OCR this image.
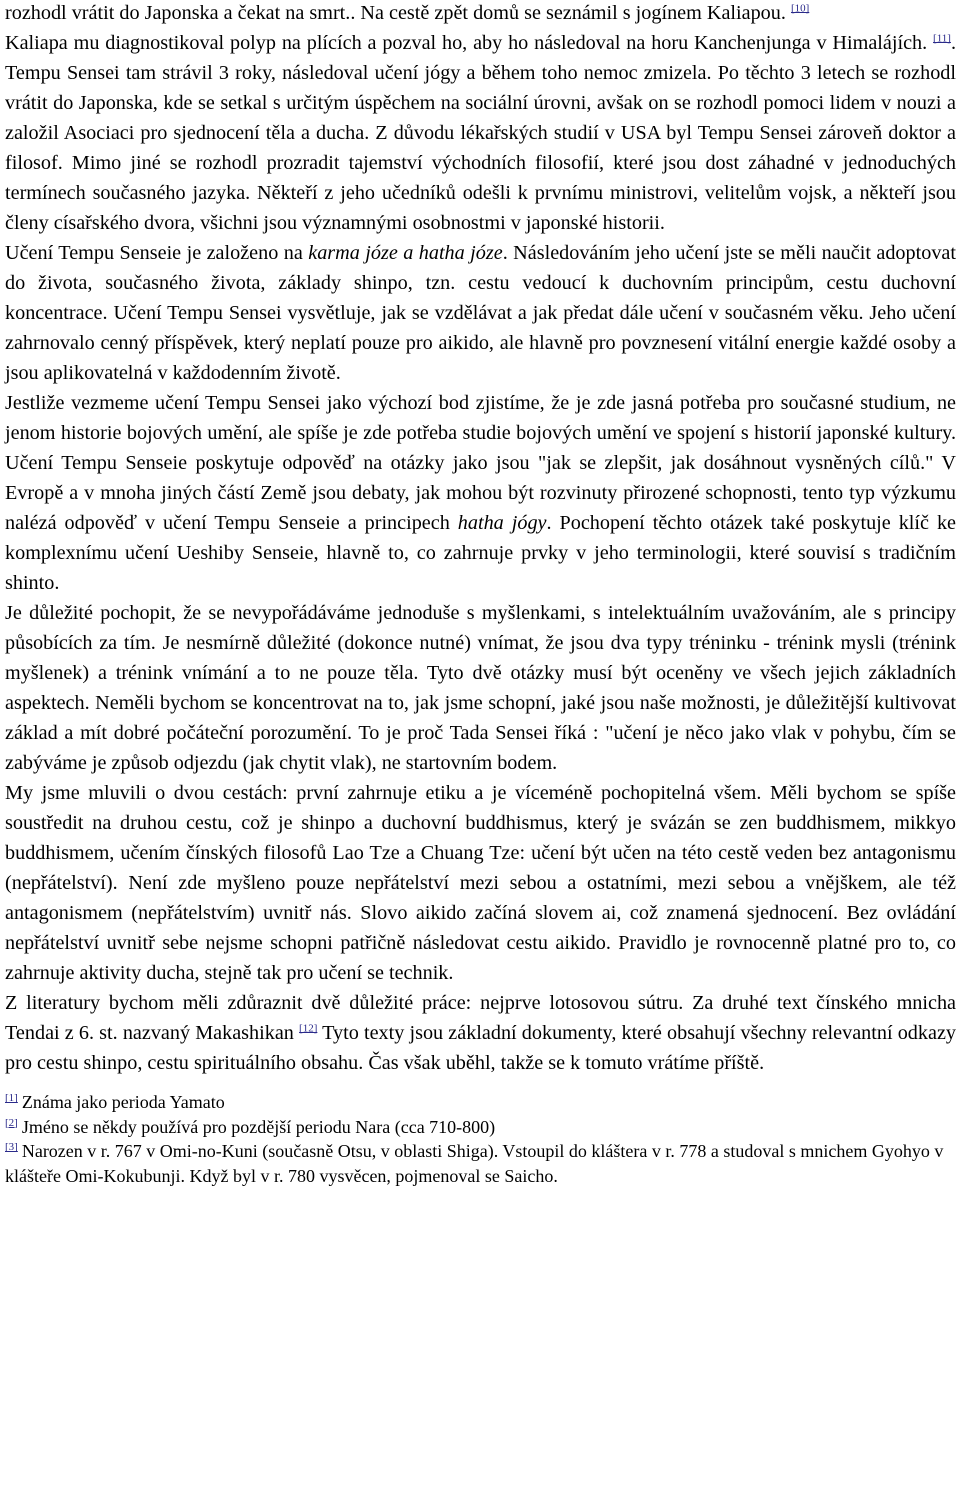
rozhodl vrátit do Japonska a čekat na smrt.. Na cestě zpět domů se seznámil s jogínem Kaliapou. [10]

Kaliapa mu diagnostikoval polyp na plících a pozval ho, aby ho následoval na horu Kanchenjunga v Himalájích. [11]. Tempu Sensei tam strávil 3 roky, následoval učení jógy a během toho nemoc zmizela. Po těchto 3 letech se rozhodl vrátit do Japonska, kde se setkal s určitým úspěchem na sociální úrovni, avšak on se rozhodl pomoci lidem v nouzi a založil Asociaci pro sjednocení těla a ducha. Z důvodu lékařských studií v USA byl Tempu Sensei zároveň doktor a filosof. Mimo jiné se rozhodl prozradit tajemství východních filosofií, které jsou dost záhadné v jednoduchých termínech současného jazyka. Někteří z jeho učedníků odešli k prvnímu ministrovi, velitelům vojsk, a někteří jsou členy císařského dvora, všichni jsou významnými osobnostmi v japonské historii.

Učení Tempu Senseie je založeno na karma józe a hatha józe. Následováním jeho učení jste se měli naučit adoptovat do života, současného života, základy shinpo, tzn. cestu vedoucí k duchovním principům, cestu duchovní koncentrace. Učení Tempu Sensei vysvětluje, jak se vzdělávat a jak předat dále učení v současném věku. Jeho učení zahrnovalo cenný příspěvek, který neplatí pouze pro aikido, ale hlavně pro povznesení vitální energie každé osoby a jsou aplikovatelná v každodenním životě.

Jestliže vezmeme učení Tempu Sensei jako výchozí bod zjistíme, že je zde jasná potřeba pro současné studium, ne jenom historie bojových umění, ale spíše je zde potřeba studie bojových umění ve spojení s historií japonské kultury. Učení Tempu Senseie poskytuje odpověď na otázky jako jsou "jak se zlepšit, jak dosáhnout vysněných cílů." V Evropě a v mnoha jiných částí Země jsou debaty, jak mohou být rozvinuty přirozené schopnosti, tento typ výzkumu nalézá odpověď v učení Tempu Senseie a principech hatha jógy. Pochopení těchto otázek také poskytuje klíč ke komplexnímu učení Ueshiby Senseie, hlavně to, co zahrnuje prvky v jeho terminologii, které souvisí s tradičním shinto.

Je důležité pochopit, že se nevypořádáváme jednoduše s myšlenkami, s intelektuálním uvažováním, ale s principy působících za tím. Je nesmírně důležité (dokonce nutné) vnímat, že jsou dva typy tréninku - trénink mysli (trénink myšlenek) a trénink vnímání a to ne pouze těla. Tyto dvě otázky musí být oceněny ve všech jejich základních aspektech. Neměli bychom se koncentrovat na to, jak jsme schopní, jaké jsou naše možnosti, je důležitější kultivovat základ a mít dobré počáteční porozumění. To je proč Tada Sensei říká : "učení je něco jako vlak v pohybu, čím se zabýváme je způsob odjezdu (jak chytit vlak), ne startovním bodem.

My jsme mluvili o dvou cestách: první zahrnuje etiku a je víceméně pochopitelná všem. Měli bychom se spíše soustředit na druhou cestu, což je shinpo a duchovní buddhismus, který je svázán se zen buddhismem, mikkyo buddhismem, učením čínských filosofů Lao Tze a Chuang Tze: učení být učen na této cestě veden bez antagonismu (nepřátelství). Není zde myšleno pouze nepřátelství mezi sebou a ostatními, mezi sebou a vnějškem, ale též antagonismem (nepřátelstvím) uvnitř nás. Slovo aikido začíná slovem ai, což znamená sjednocení. Bez ovládání nepřátelství uvnitř sebe nejsme schopni patřičně následovat cestu aikido. Pravidlo je rovnocenně platné pro to, co zahrnuje aktivity ducha, stejně tak pro učení se technik.

Z literatury bychom měli zdůraznit dvě důležité práce: nejprve lotosovou sútru. Za druhé text čínského mnicha Tendai z 6. st. nazvaný Makashikan [12] Tyto texty jsou základní dokumenty, které obsahují všechny relevantní odkazy pro cestu shinpo, cestu spirituálního obsahu. Čas však uběhl, takže se k tomuto vrátíme příště.

[1] Známa jako perioda Yamato

[2] Jméno se někdy používá pro pozdější periodu Nara (cca 710-800)

[3] Narozen v r. 767 v Omi-no-Kuni (současně Otsu, v oblasti Shiga). Vstoupil do kláštera v r. 778 a studoval s mnichem Gyohyo v klášteře Omi-Kokubunji. Když byl v r. 780 vysvěcen, pojmenoval se Saicho.
